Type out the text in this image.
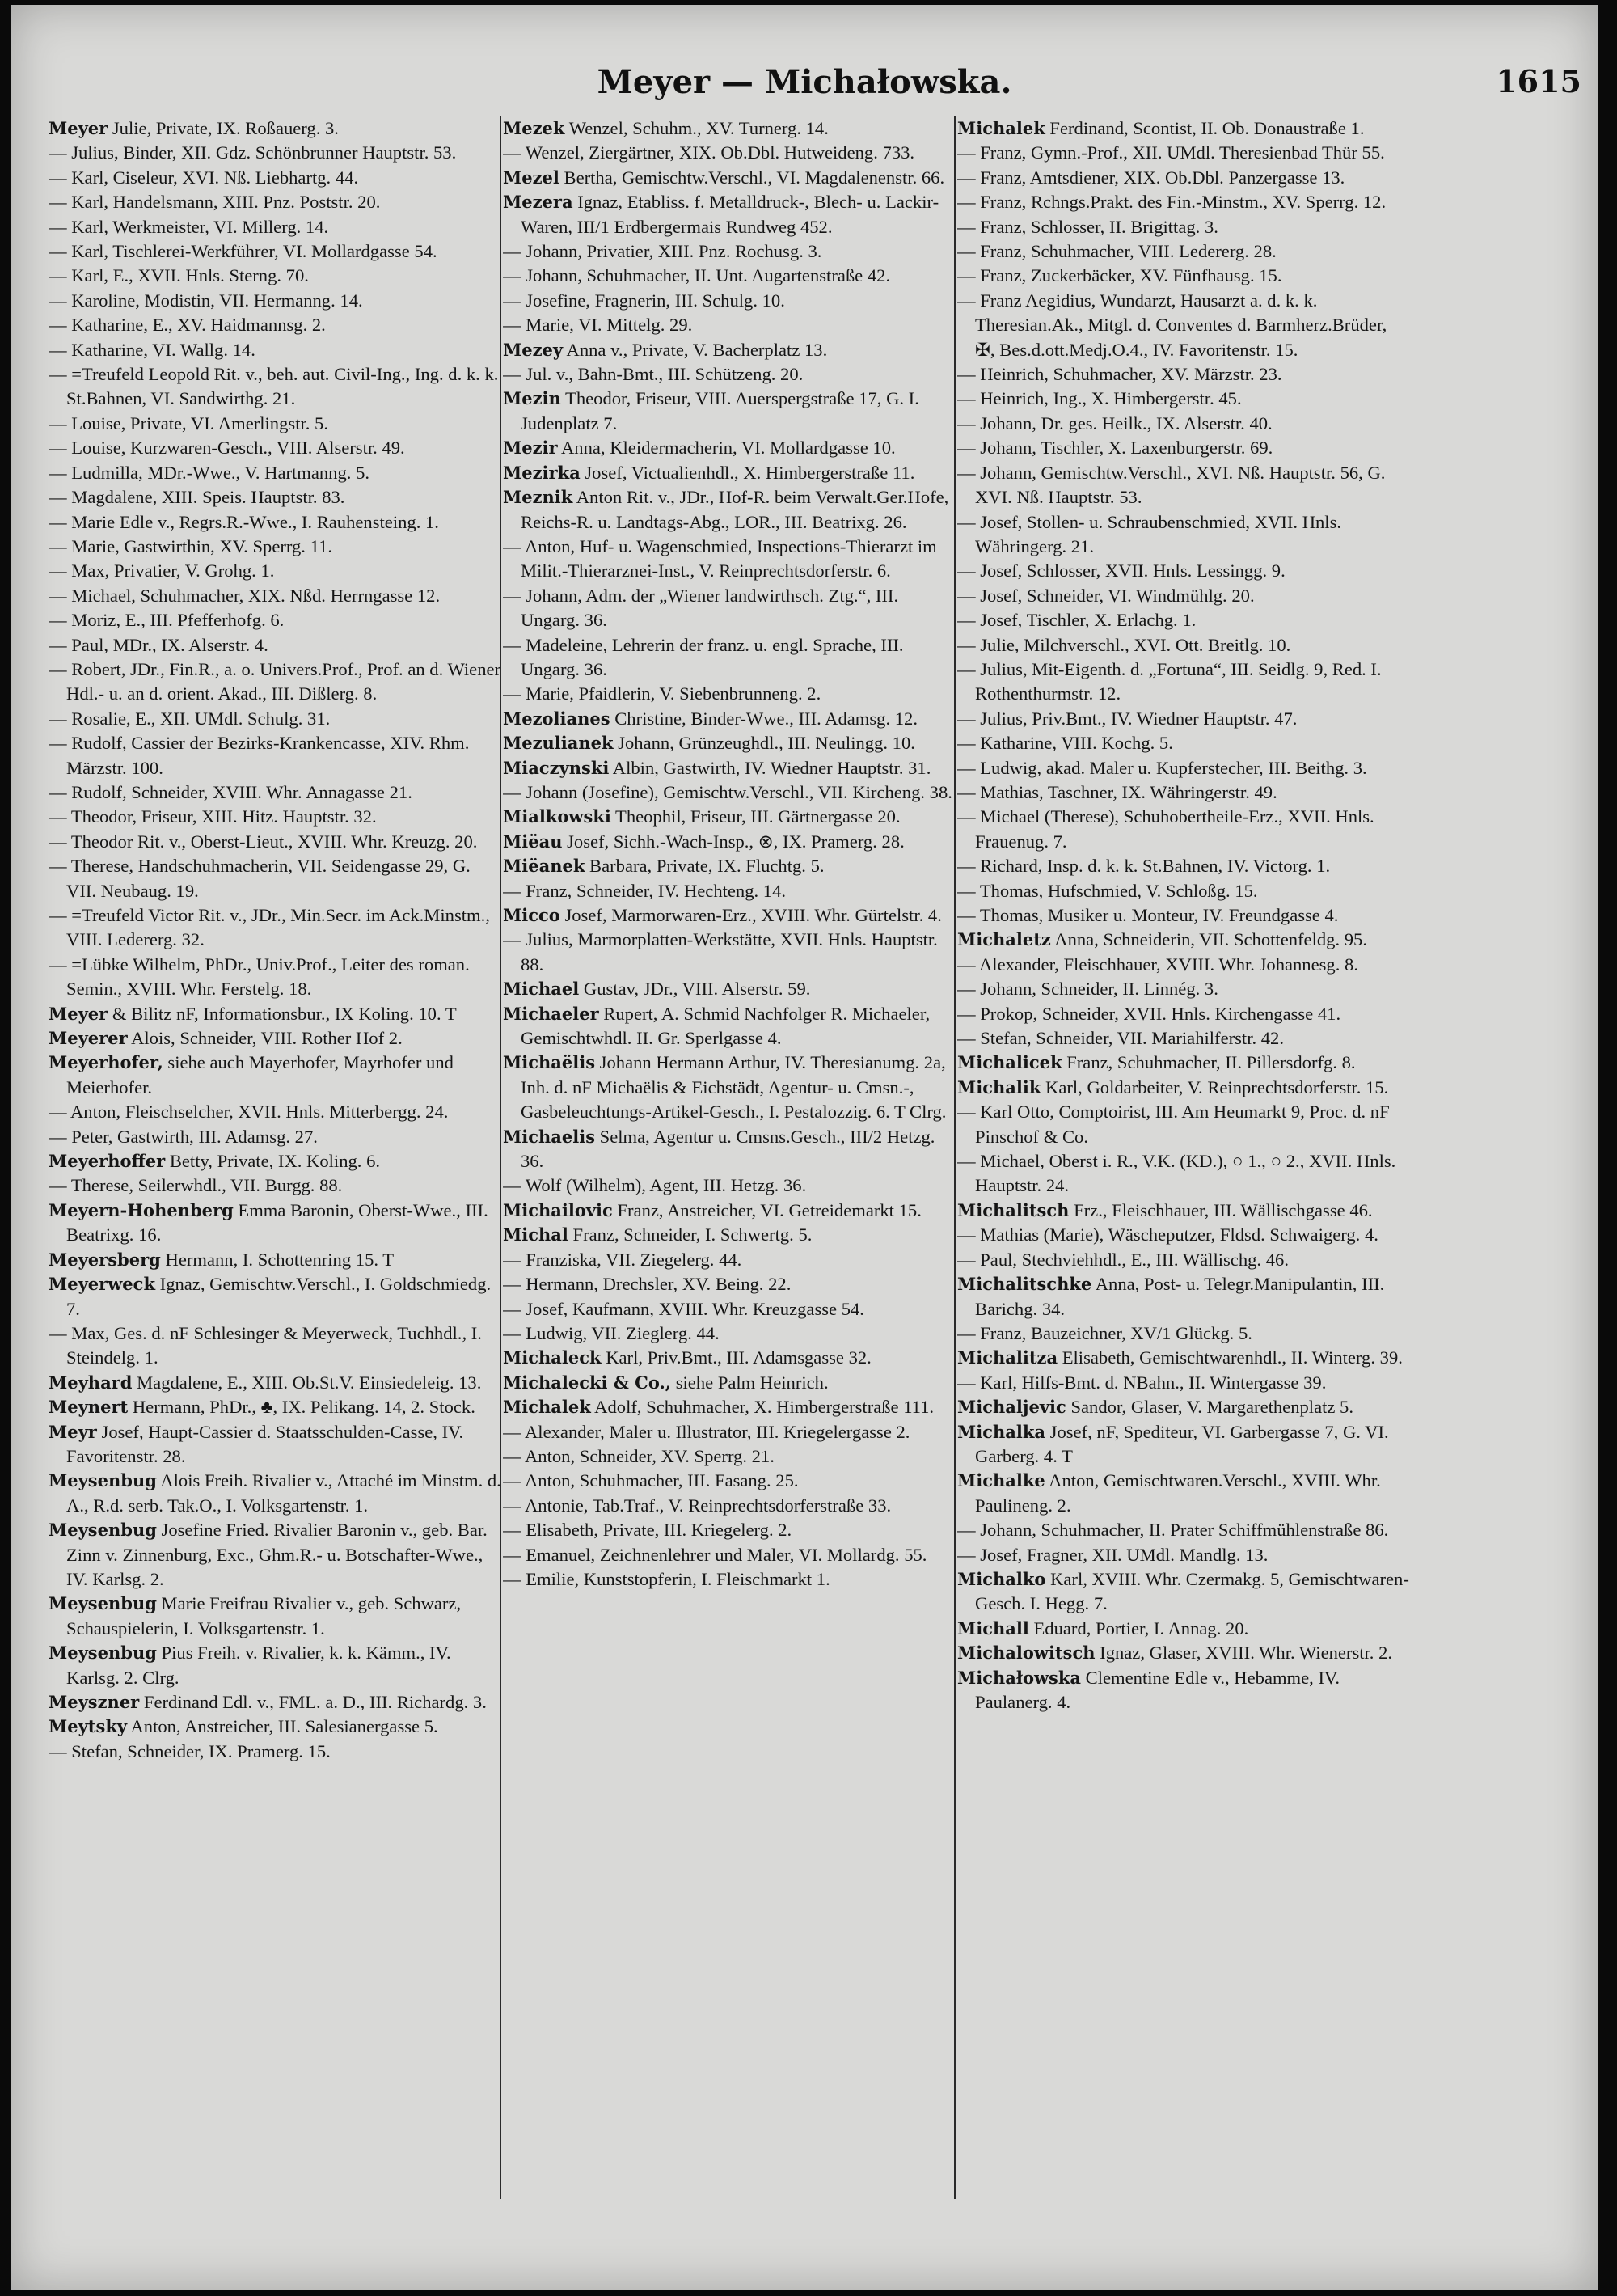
Meyer — Michałowska.	1615

Meyer Julie, Private, IX. Roßauerg. 3.

— Julius, Binder, XII. Gdz. Schönbrunner Hauptstr. 53.

— Karl, Ciseleur, XVI. Nß. Liebhartg. 44.

— Karl, Handelsmann, XIII. Pnz. Poststr. 20.

— Karl, Werkmeister, VI. Millerg. 14.

— Karl, Tischlerei-Werkführer, VI. Mollardgasse 54.

— Karl, E., XVII. Hnls. Sterng. 70.

— Karoline, Modistin, VII. Hermanng. 14.

— Katharine, E., XV. Haidmannsg. 2.

— Katharine, VI. Wallg. 14.

— =Treufeld Leopold Rit. v., beh. aut. Civil-Ing., Ing. d. k. k. St.Bahnen, VI. Sandwirthg. 21.

— Louise, Private, VI. Amerlingstr. 5.

— Louise, Kurzwaren-Gesch., VIII. Alserstr. 49.

— Ludmilla, MDr.-Wwe., V. Hartmanng. 5.

— Magdalene, XIII. Speis. Hauptstr. 83.

— Marie Edle v., Regrs.R.-Wwe., I. Rauhensteing. 1.

— Marie, Gastwirthin, XV. Sperrg. 11.

— Max, Privatier, V. Grohg. 1.

— Michael, Schuhmacher, XIX. Nßd. Herrngasse 12.

— Moriz, E., III. Pfefferhofg. 6.

— Paul, MDr., IX. Alserstr. 4.

— Robert, JDr., Fin.R., a. o. Univers.Prof., Prof. an d. Wiener Hdl.- u. an d. orient. Akad., III. Dißlerg. 8.

— Rosalie, E., XII. UMdl. Schulg. 31.

— Rudolf, Cassier der Bezirks-Krankencasse, XIV. Rhm. Märzstr. 100.

— Rudolf, Schneider, XVIII. Whr. Annagasse 21.

— Theodor, Friseur, XIII. Hitz. Hauptstr. 32.

— Theodor Rit. v., Oberst-Lieut., XVIII. Whr. Kreuzg. 20.

— Therese, Handschuhmacherin, VII. Seidengasse 29, G. VII. Neubaug. 19.

— =Treufeld Victor Rit. v., JDr., Min.Secr. im Ack.Minstm., VIII. Ledererg. 32.

— =Lübke Wilhelm, PhDr., Univ.Prof., Leiter des roman. Semin., XVIII. Whr. Ferstelg. 18.

Meyer & Bilitz nF, Informationsbur., IX Koling. 10. T

Meyerer Alois, Schneider, VIII. Rother Hof 2.

Meyerhofer, siehe auch Mayerhofer, Mayrhofer und Meierhofer.

— Anton, Fleischselcher, XVII. Hnls. Mitterbergg. 24.

— Peter, Gastwirth, III. Adamsg. 27.

Meyerhoffer Betty, Private, IX. Koling. 6.

— Therese, Seilerwhdl., VII. Burgg. 88.

Meyern-Hohenberg Emma Baronin, Oberst-Wwe., III. Beatrixg. 16.

Meyersberg Hermann, I. Schottenring 15. T

Meyerweck Ignaz, Gemischtw.Verschl., I. Goldschmiedg. 7.

— Max, Ges. d. nF Schlesinger & Meyerweck, Tuchhdl., I. Steindelg. 1.

Meyhard Magdalene, E., XIII. Ob.St.V. Einsiedeleig. 13.

Meynert Hermann, PhDr., ♣, IX. Pelikang. 14, 2. Stock.

Meyr Josef, Haupt-Cassier d. Staatsschulden-Casse, IV. Favoritenstr. 28.

Meysenbug Alois Freih. Rivalier v., Attaché im Minstm. d. A., R.d. serb. Tak.O., I. Volksgartenstr. 1.

Meysenbug Josefine Fried. Rivalier Baronin v., geb. Bar. Zinn v. Zinnenburg, Exc., Ghm.R.- u. Botschafter-Wwe., IV. Karlsg. 2.

Meysenbug Marie Freifrau Rivalier v., geb. Schwarz, Schauspielerin, I. Volksgartenstr. 1.

Meysenbug Pius Freih. v. Rivalier, k. k. Kämm., IV. Karlsg. 2. Clrg.

Meyszner Ferdinand Edl. v., FML. a. D., III. Richardg. 3.

Meytsky Anton, Anstreicher, III. Salesianergasse 5.

— Stefan, Schneider, IX. Pramerg. 15.

Mezek Wenzel, Schuhm., XV. Turnerg. 14.

— Wenzel, Ziergärtner, XIX. Ob.Dbl. Hutweideng. 733.

Mezel Bertha, Gemischtw.Verschl., VI. Magdalenenstr. 66.

Mezera Ignaz, Etabliss. f. Metalldruck-, Blech- u. Lackir-Waren, III/1 Erdbergermais Rundweg 452.

— Johann, Privatier, XIII. Pnz. Rochusg. 3.

— Johann, Schuhmacher, II. Unt. Augartenstraße 42.

— Josefine, Fragnerin, III. Schulg. 10.

— Marie, VI. Mittelg. 29.

Mezey Anna v., Private, V. Bacherplatz 13.

— Jul. v., Bahn-Bmt., III. Schützeng. 20.

Mezin Theodor, Friseur, VIII. Auerspergstraße 17, G. I. Judenplatz 7.

Mezir Anna, Kleidermacherin, VI. Mollardgasse 10.

Mezirka Josef, Victualienhdl., X. Himbergerstraße 11.

Meznik Anton Rit. v., JDr., Hof-R. beim Verwalt.Ger.Hofe, Reichs-R. u. Landtags-Abg., LOR., III. Beatrixg. 26.

— Anton, Huf- u. Wagenschmied, Inspections-Thierarzt im Milit.-Thierarznei-Inst., V. Reinprechtsdorferstr. 6.

— Johann, Adm. der „Wiener landwirthsch. Ztg.“, III. Ungarg. 36.

— Madeleine, Lehrerin der franz. u. engl. Sprache, III. Ungarg. 36.

— Marie, Pfaidlerin, V. Siebenbrunneng. 2.

Mezolianes Christine, Binder-Wwe., III. Adamsg. 12.

Mezulianek Johann, Grünzeughdl., III. Neulingg. 10.

Miaczynski Albin, Gastwirth, IV. Wiedner Hauptstr. 31.

— Johann (Josefine), Gemischtw.Verschl., VII. Kircheng. 38.

Mialkowski Theophil, Friseur, III. Gärtnergasse 20.

Miëau Josef, Sichh.-Wach-Insp., ⊗, IX. Pramerg. 28.

Miëanek Barbara, Private, IX. Fluchtg. 5.

— Franz, Schneider, IV. Hechteng. 14.

Micco Josef, Marmorwaren-Erz., XVIII. Whr. Gürtelstr. 4.

— Julius, Marmorplatten-Werkstätte, XVII. Hnls. Hauptstr. 88.

Michael Gustav, JDr., VIII. Alserstr. 59.

Michaeler Rupert, A. Schmid Nachfolger R. Michaeler, Gemischtwhdl. II. Gr. Sperlgasse 4.

Michaëlis Johann Hermann Arthur, IV. Theresianumg. 2a, Inh. d. nF Michaëlis & Eichstädt, Agentur- u. Cmsn.-, Gasbeleuchtungs-Artikel-Gesch., I. Pestalozzig. 6. T Clrg.

Michaelis Selma, Agentur u. Cmsns.Gesch., III/2 Hetzg. 36.

— Wolf (Wilhelm), Agent, III. Hetzg. 36.

Michailovic Franz, Anstreicher, VI. Getreidemarkt 15.

Michal Franz, Schneider, I. Schwertg. 5.

— Franziska, VII. Ziegelerg. 44.

— Hermann, Drechsler, XV. Being. 22.

— Josef, Kaufmann, XVIII. Whr. Kreuzgasse 54.

— Ludwig, VII. Zieglerg. 44.

Michaleck Karl, Priv.Bmt., III. Adamsgasse 32.

Michalecki & Co., siehe Palm Heinrich.

Michalek Adolf, Schuhmacher, X. Himbergerstraße 111.

— Alexander, Maler u. Illustrator, III. Kriegelergasse 2.

— Anton, Schneider, XV. Sperrg. 21.

— Anton, Schuhmacher, III. Fasang. 25.

— Antonie, Tab.Traf., V. Reinprechtsdorferstraße 33.

— Elisabeth, Private, III. Kriegelerg. 2.

— Emanuel, Zeichnenlehrer und Maler, VI. Mollardg. 55.

— Emilie, Kunststopferin, I. Fleischmarkt 1.

Michalek Ferdinand, Scontist, II. Ob. Donaustraße 1.

— Franz, Gymn.-Prof., XII. UMdl. Theresienbad Thür 55.

— Franz, Amtsdiener, XIX. Ob.Dbl. Panzergasse 13.

— Franz, Rchngs.Prakt. des Fin.-Minstm., XV. Sperrg. 12.

— Franz, Schlosser, II. Brigittag. 3.

— Franz, Schuhmacher, VIII. Ledererg. 28.

— Franz, Zuckerbäcker, XV. Fünfhausg. 15.

— Franz Aegidius, Wundarzt, Hausarzt a. d. k. k. Theresian.Ak., Mitgl. d. Conventes d. Barmherz.Brüder, ✠, Bes.d.ott.Medj.O.4., IV. Favoritenstr. 15.

— Heinrich, Schuhmacher, XV. Märzstr. 23.

— Heinrich, Ing., X. Himbergerstr. 45.

— Johann, Dr. ges. Heilk., IX. Alserstr. 40.

— Johann, Tischler, X. Laxenburgerstr. 69.

— Johann, Gemischtw.Verschl., XVI. Nß. Hauptstr. 56, G. XVI. Nß. Hauptstr. 53.

— Josef, Stollen- u. Schraubenschmied, XVII. Hnls. Währingerg. 21.

— Josef, Schlosser, XVII. Hnls. Lessingg. 9.

— Josef, Schneider, VI. Windmühlg. 20.

— Josef, Tischler, X. Erlachg. 1.

— Julie, Milchverschl., XVI. Ott. Breitlg. 10.

— Julius, Mit-Eigenth. d. „Fortuna“, III. Seidlg. 9, Red. I. Rothenthurmstr. 12.

— Julius, Priv.Bmt., IV. Wiedner Hauptstr. 47.

— Katharine, VIII. Kochg. 5.

— Ludwig, akad. Maler u. Kupferstecher, III. Beithg. 3.

— Mathias, Taschner, IX. Währingerstr. 49.

— Michael (Therese), Schuhobertheile-Erz., XVII. Hnls. Frauenug. 7.

— Richard, Insp. d. k. k. St.Bahnen, IV. Victorg. 1.

— Thomas, Hufschmied, V. Schloßg. 15.

— Thomas, Musiker u. Monteur, IV. Freundgasse 4.

Michaletz Anna, Schneiderin, VII. Schottenfeldg. 95.

— Alexander, Fleischhauer, XVIII. Whr. Johannesg. 8.

— Johann, Schneider, II. Linnég. 3.

— Prokop, Schneider, XVII. Hnls. Kirchengasse 41.

— Stefan, Schneider, VII. Mariahilferstr. 42.

Michalicek Franz, Schuhmacher, II. Pillersdorfg. 8.

Michalik Karl, Goldarbeiter, V. Reinprechtsdorferstr. 15.

— Karl Otto, Comptoirist, III. Am Heumarkt 9, Proc. d. nF Pinschof & Co.

— Michael, Oberst i. R., V.K. (KD.), ○ 1., ○ 2., XVII. Hnls. Hauptstr. 24.

Michalitsch Frz., Fleischhauer, III. Wällischgasse 46.

— Mathias (Marie), Wäscheputzer, Fldsd. Schwaigerg. 4.

— Paul, Stechviehhdl., E., III. Wällischg. 46.

Michalitschke Anna, Post- u. Telegr.Manipulantin, III. Barichg. 34.

— Franz, Bauzeichner, XV/1 Glückg. 5.

Michalitza Elisabeth, Gemischtwarenhdl., II. Winterg. 39.

— Karl, Hilfs-Bmt. d. NBahn., II. Wintergasse 39.

Michaljevic Sandor, Glaser, V. Margarethenplatz 5.

Michalka Josef, nF, Spediteur, VI. Garbergasse 7, G. VI. Garberg. 4. T

Michalke Anton, Gemischtwaren.Verschl., XVIII. Whr. Paulineng. 2.

— Johann, Schuhmacher, II. Prater Schiffmühlenstraße 86.

— Josef, Fragner, XII. UMdl. Mandlg. 13.

Michalko Karl, XVIII. Whr. Czermakg. 5, Gemischtwaren-Gesch. I. Hegg. 7.

Michall Eduard, Portier, I. Annag. 20.

Michalowitsch Ignaz, Glaser, XVIII. Whr. Wienerstr. 2.

Michałowska Clementine Edle v., Hebamme, IV. Paulanerg. 4.
